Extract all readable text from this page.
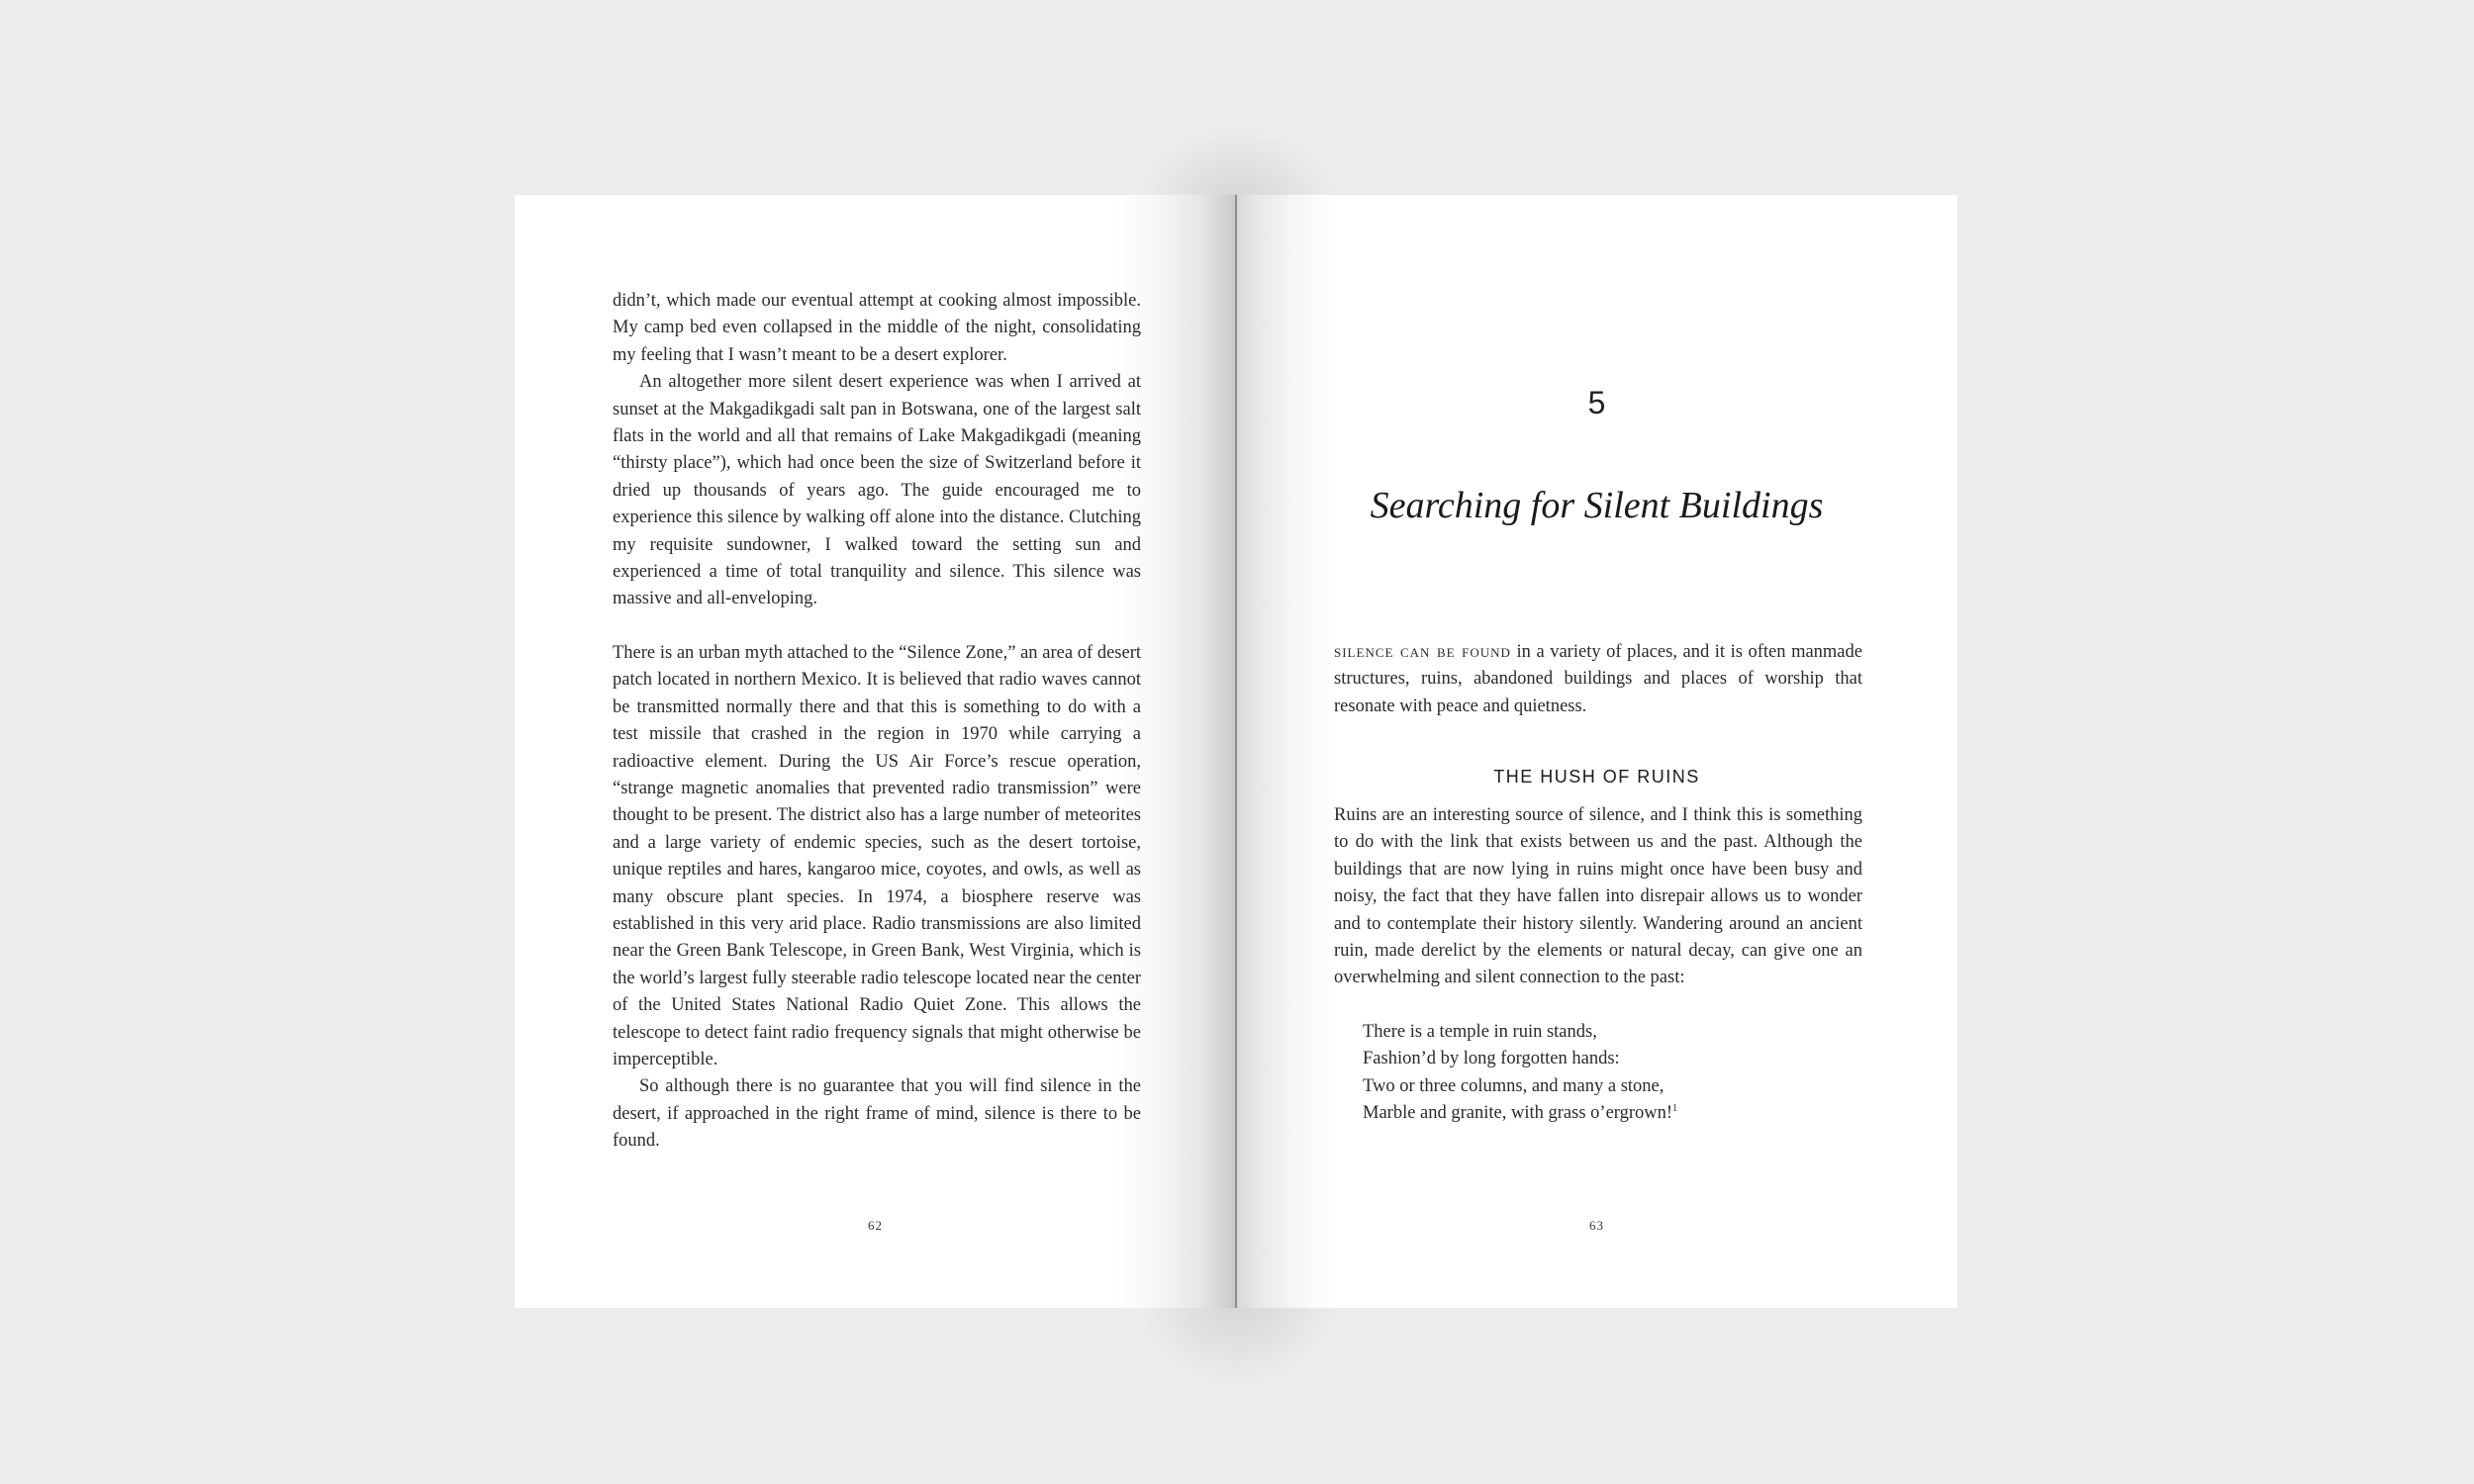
didn’t, which made our eventual attempt at cooking almost impossible. My camp bed even collapsed in the middle of the night, consolidating my feeling that I wasn’t meant to be a desert explorer.

An altogether more silent desert experience was when I arrived at sunset at the Makgadikgadi salt pan in Botswana, one of the largest salt flats in the world and all that remains of Lake Makgadikgadi (meaning “thirsty place”), which had once been the size of Switzerland before it dried up thousands of years ago. The guide encouraged me to experience this silence by walking off alone into the distance. Clutching my requisite sundowner, I walked toward the setting sun and experienced a time of total tranquility and silence. This silence was massive and all-enveloping.

There is an urban myth attached to the “Silence Zone,” an area of desert patch located in northern Mexico. It is believed that radio waves cannot be transmitted normally there and that this is something to do with a test missile that crashed in the region in 1970 while carrying a radioactive element. During the US Air Force’s rescue operation, “strange magnetic anomalies that prevented radio transmission” were thought to be present. The district also has a large number of meteorites and a large variety of endemic species, such as the desert tortoise, unique reptiles and hares, kangaroo mice, coyotes, and owls, as well as many obscure plant species. In 1974, a biosphere reserve was established in this very arid place. Radio transmissions are also limited near the Green Bank Telescope, in Green Bank, West Virginia, which is the world’s largest fully steerable radio telescope located near the center of the United States National Radio Quiet Zone. This allows the telescope to detect faint radio frequency signals that might otherwise be imperceptible.

So although there is no guarantee that you will find silence in the desert, if approached in the right frame of mind, silence is there to be found.

62
5
Searching for Silent Buildings
silence can be found in a variety of places, and it is often manmade structures, ruins, abandoned buildings and places of worship that resonate with peace and quietness.
THE HUSH OF RUINS
Ruins are an interesting source of silence, and I think this is something to do with the link that exists between us and the past. Although the buildings that are now lying in ruins might once have been busy and noisy, the fact that they have fallen into disrepair allows us to wonder and to contemplate their history silently. Wandering around an ancient ruin, made derelict by the elements or natural decay, can give one an overwhelming and silent connection to the past:
There is a temple in ruin stands,
Fashion’d by long forgotten hands:
Two or three columns, and many a stone,
Marble and granite, with grass o’ergrown!$^1$
63
